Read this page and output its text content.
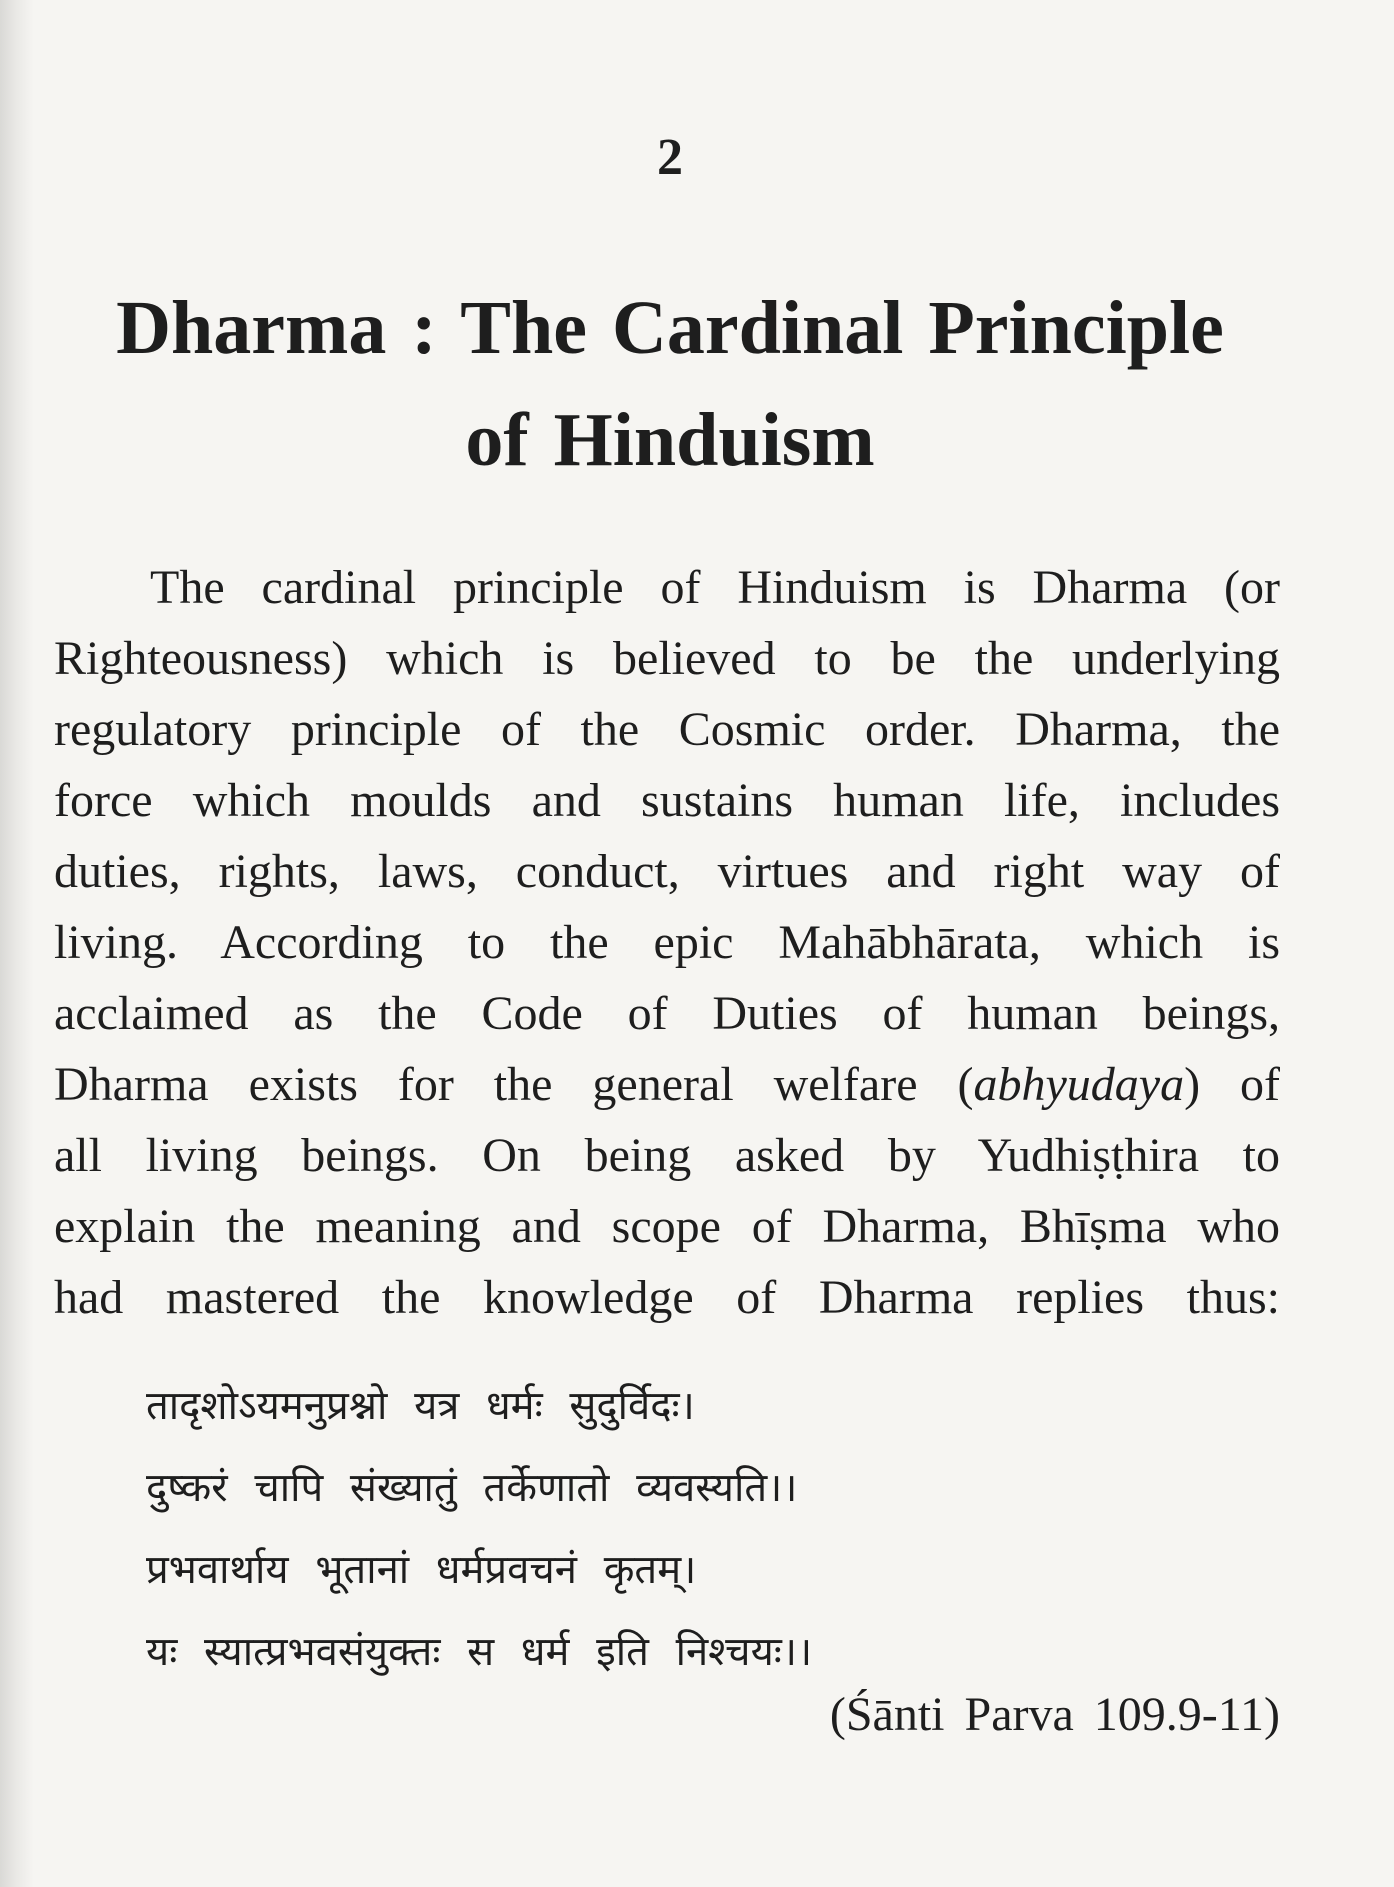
2
Dharma : The Cardinal Principle
of Hinduism

The cardinal principle of Hinduism is Dharma (or
Righteousness) which is believed to be the underlying
regulatory principle of the Cosmic order. Dharma, the
force which moulds and sustains human life, includes
duties, rights, laws, conduct, virtues and right way of
living. According to the epic Mahābhārata, which is
acclaimed as the Code of Duties of human beings,
Dharma exists for the general welfare (abhyudaya) of
all living beings. On being asked by Yudhiṣṭhira to
explain the meaning and scope of Dharma, Bhīṣma who
had mastered the knowledge of Dharma replies thus:

तादृशोऽयमनुप्रश्नो यत्र धर्मः सुदुर्विदः।
दुष्करं चापि संख्यातुं तर्केणातो व्यवस्यति।।
प्रभवार्थाय भूतानां धर्मप्रवचनं कृतम्।
यः स्यात्प्रभवसंयुक्तः स धर्म इति निश्चयः।।
(Śānti Parva 109.9-11)
